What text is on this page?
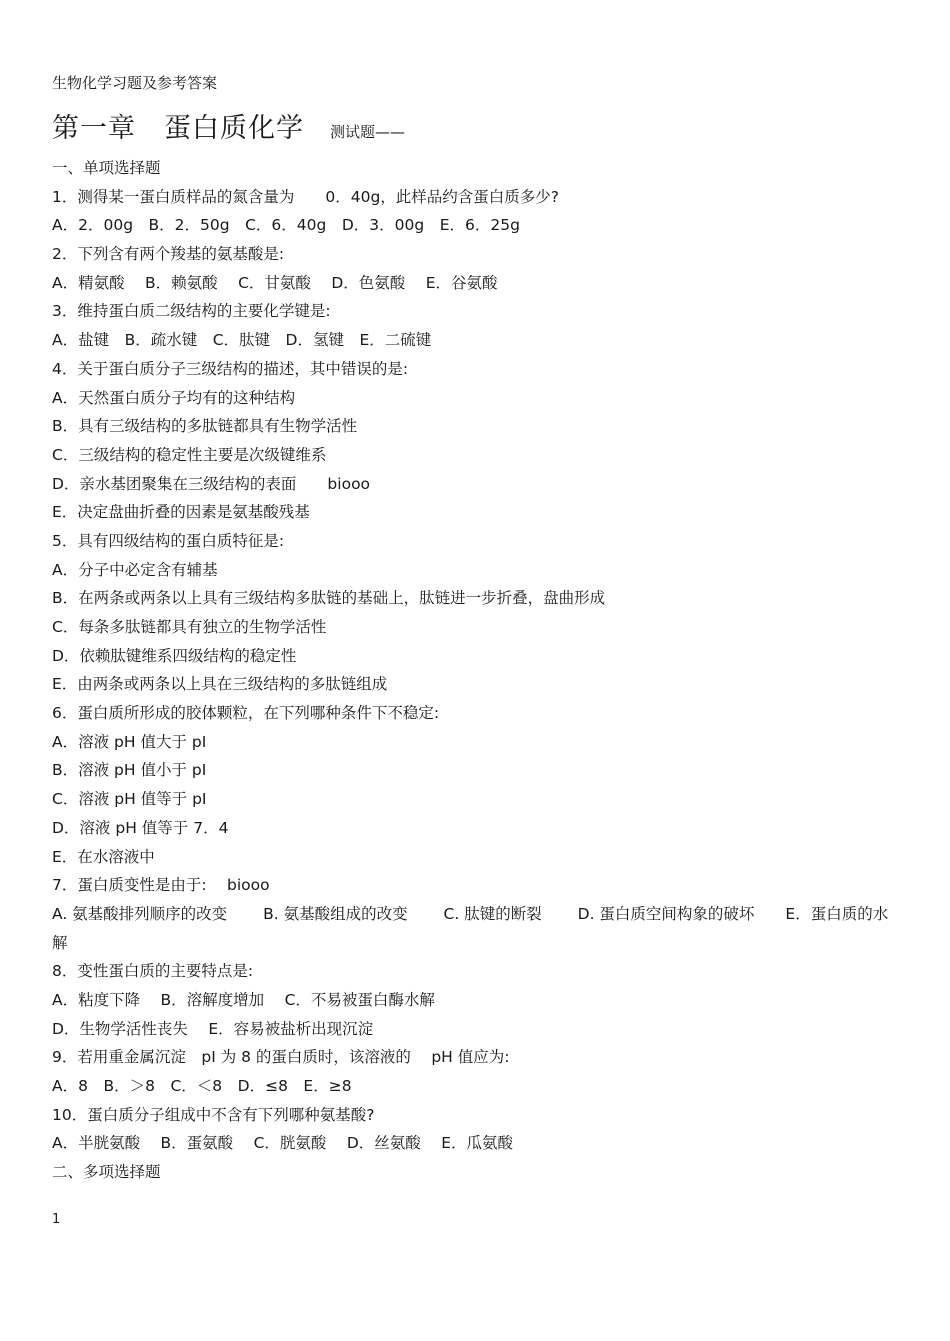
生物化学习题及参考答案
第一章　蛋白质化学 测试题——
一、单项选择题
1．测得某一蛋白质样品的氮含量为　　0．40g，此样品约含蛋白质多少?
A．2．00g　B．2．50g　C．6．40g　D．3．00g　E．6．25g
2．下列含有两个羧基的氨基酸是:
A．精氨酸　 B．赖氨酸　 C．甘氨酸　 D．色氨酸　 E．谷氨酸
3．维持蛋白质二级结构的主要化学键是:
A．盐键　B．疏水键　C．肽键　D．氢键　E．二硫键
4．关于蛋白质分子三级结构的描述，其中错误的是:
A．天然蛋白质分子均有的这种结构
B．具有三级结构的多肽链都具有生物学活性
C．三级结构的稳定性主要是次级键维系
D．亲水基团聚集在三级结构的表面　　biooo
E．决定盘曲折叠的因素是氨基酸残基
5．具有四级结构的蛋白质特征是:
A．分子中必定含有辅基
B．在两条或两条以上具有三级结构多肽链的基础上，肽链进一步折叠，盘曲形成
C．每条多肽链都具有独立的生物学活性
D．依赖肽键维系四级结构的稳定性
E．由两条或两条以上具在三级结构的多肽链组成
6．蛋白质所形成的胶体颗粒，在下列哪种条件下不稳定:
A．溶液 pH 值大于 pI
B．溶液 pH 值小于 pI
C．溶液 pH 值等于 pI
D．溶液 pH 值等于 7．4
E．在水溶液中
7．蛋白质变性是由于:　 biooo
A. 氨基酸排列顺序的改变　　 B. 氨基酸组成的改变　　 C. 肽键的断裂　　 D. 蛋白质空间构象的破坏　　E．蛋白质的水解
8．变性蛋白质的主要特点是:
A．粘度下降　 B．溶解度增加　 C．不易被蛋白酶水解
D．生物学活性丧失　 E．容易被盐析出现沉淀
9．若用重金属沉淀　pI 为 8 的蛋白质时，该溶液的　 pH 值应为:
A．8　B．＞8　C．＜8　D．≤8　E．≥8
10．蛋白质分子组成中不含有下列哪种氨基酸?
A．半胱氨酸　 B．蛋氨酸　 C．胱氨酸　 D．丝氨酸　 E．瓜氨酸
二、多项选择题
1
